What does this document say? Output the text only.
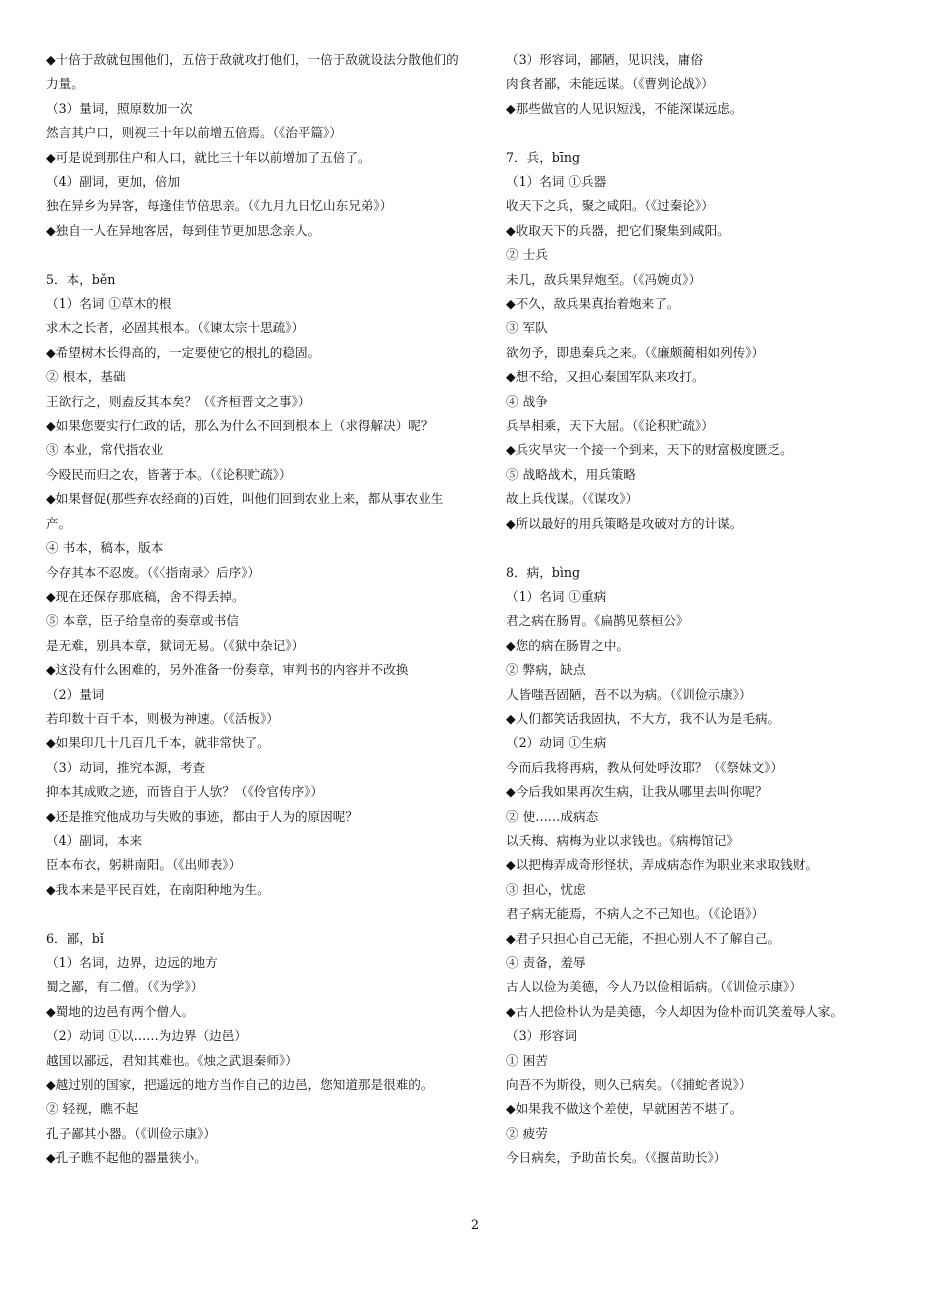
◆十倍于敌就包围他们，五倍于敌就攻打他们，一倍于敌就设法分散他们的力量。
（3）量词，照原数加一次
然言其户口，则视三十年以前增五倍焉。（《治平篇》）
◆可是说到那住户和人口，就比三十年以前增加了五倍了。
（4）副词，更加，倍加
独在异乡为异客，每逢佳节倍思亲。（《九月九日忆山东兄弟》）
◆独自一人在异地客居，每到佳节更加思念亲人。
5．本，běn
（1）名词 ①草木的根
求木之长者，必固其根本。（《谏太宗十思疏》）
◆希望树木长得高的，一定要使它的根扎的稳固。
② 根本，基础
王欲行之，则盍反其本矣？（《齐桓晋文之事》）
◆如果您要实行仁政的话，那么为什么不回到根本上（求得解决）呢？
③ 本业，常代指农业
今殴民而归之农，皆著于本。（《论积贮疏》）
◆如果督促(那些弃农经商的)百姓，叫他们回到农业上来，都从事农业生产。
④ 书本，稿本，版本
今存其本不忍废。（《〈指南录〉后序》）
◆现在还保存那底稿，舍不得丢掉。
⑤ 本章，臣子给皇帝的奏章或书信
是无难，别具本章，狱词无易。（《狱中杂记》）
◆这没有什么困难的，另外准备一份奏章，审判书的内容并不改换
（2）量词
若印数十百千本，则极为神速。（《活板》）
◆如果印几十几百几千本，就非常快了。
（3）动词，推究本源，考查
抑本其成败之迹，而皆自于人欤？（《伶官传序》）
◆还是推究他成功与失败的事迹，都由于人为的原因呢？
（4）副词，本来
臣本布衣，躬耕南阳。（《出师表》）
◆我本来是平民百姓，在南阳种地为生。
6．鄙，bǐ
（1）名词，边界，边远的地方
蜀之鄙，有二僧。（《为学》）
◆蜀地的边邑有两个僧人。
（2）动词 ①以……为边界（边邑）
越国以鄙远，君知其难也。《烛之武退秦师》）
◆越过别的国家，把遥远的地方当作自己的边邑，您知道那是很难的。
② 轻视，瞧不起
孔子鄙其小器。（《训俭示康》）
◆孔子瞧不起他的器量狭小。
（3）形容词，鄙陋，见识浅，庸俗
肉食者鄙，未能远谋。（《曹刿论战》）
◆那些做官的人见识短浅，不能深谋远虑。
7．兵，bīng
（1）名词 ①兵器
收天下之兵，聚之咸阳。（《过秦论》）
◆收取天下的兵器，把它们聚集到咸阳。
② 士兵
未几，敌兵果舁炮至。（《冯婉贞》）
◆不久，敌兵果真抬着炮来了。
③ 军队
欲勿予，即患秦兵之来。（《廉颇蔺相如列传》）
◆想不给，又担心秦国军队来攻打。
④ 战争
兵旱相乘，天下大屈。（《论积贮疏》）
◆兵灾旱灾一个接一个到来，天下的财富极度匮乏。
⑤ 战略战术，用兵策略
故上兵伐谋。（《谋攻》）
◆所以最好的用兵策略是攻破对方的计谋。
8．病，bìng
（1）名词 ①重病
君之病在肠胃。《扁鹊见蔡桓公》
◆您的病在肠胃之中。
② 弊病，缺点
人皆嗤吾固陋，吾不以为病。（《训俭示康》）
◆人们都笑话我固执，不大方，我不认为是毛病。
（2）动词 ①生病
今而后我将再病，教从何处呼汝耶？（《祭妹文》）
◆今后我如果再次生病，让我从哪里去叫你呢？
② 使……成病态
以夭梅、病梅为业以求钱也。《病梅馆记》
◆以把梅弄成奇形怪状，弄成病态作为职业来求取钱财。
③ 担心，忧虑
君子病无能焉，不病人之不己知也。（《论语》）
◆君子只担心自己无能，不担心别人不了解自己。
④ 责备，羞辱
古人以俭为美德，今人乃以俭相诟病。（《训俭示康》）
◆古人把俭朴认为是美德，今人却因为俭朴而讥笑羞辱人家。
（3）形容词
① 困苦
向吾不为斯役，则久已病矣。（《捕蛇者说》）
◆如果我不做这个差使，早就困苦不堪了。
② 疲劳
今日病矣，予助苗长矣。（《揠苗助长》）
2
